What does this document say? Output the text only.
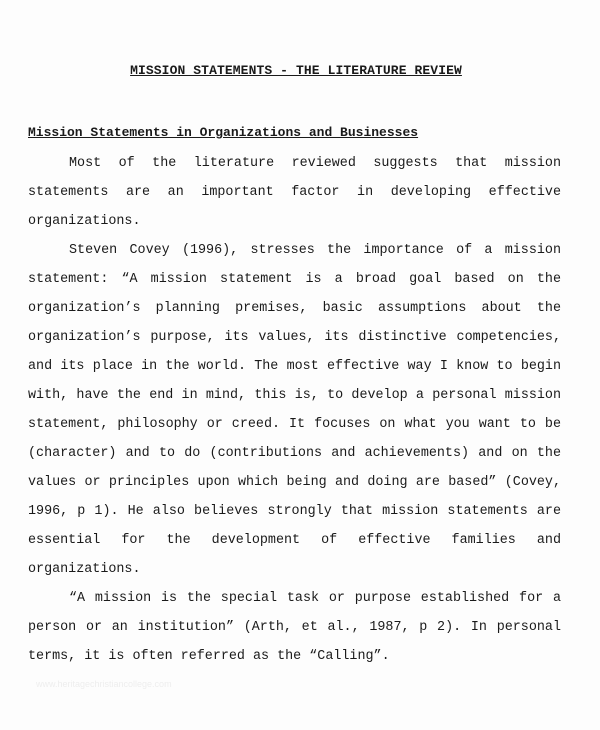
MISSION STATEMENTS - THE LITERATURE REVIEW
Mission Statements in Organizations and Businesses
Most of the literature reviewed suggests that mission
statements are an important factor in developing effective
organizations.
Steven Covey (1996), stresses the importance of a mission
statement: “A mission statement is a broad goal based on the
organization’s planning premises, basic assumptions about the
organization’s purpose, its values, its distinctive competencies,
and its place in the world. The most effective way I know to begin
with, have the end in mind, this is, to develop a personal mission
statement, philosophy or creed. It focuses on what you want to be
(character) and to do (contributions and achievements) and on the
values or principles upon which being and doing are based” (Covey,
1996, p 1). He also believes strongly that mission statements are
essential for the development of effective families and
organizations.
“A mission is the special task or purpose established for a
person or an institution” (Arth, et al., 1987, p 2). In personal
terms, it is often referred as the “Calling”.
www.heritagechristiancollege.com
